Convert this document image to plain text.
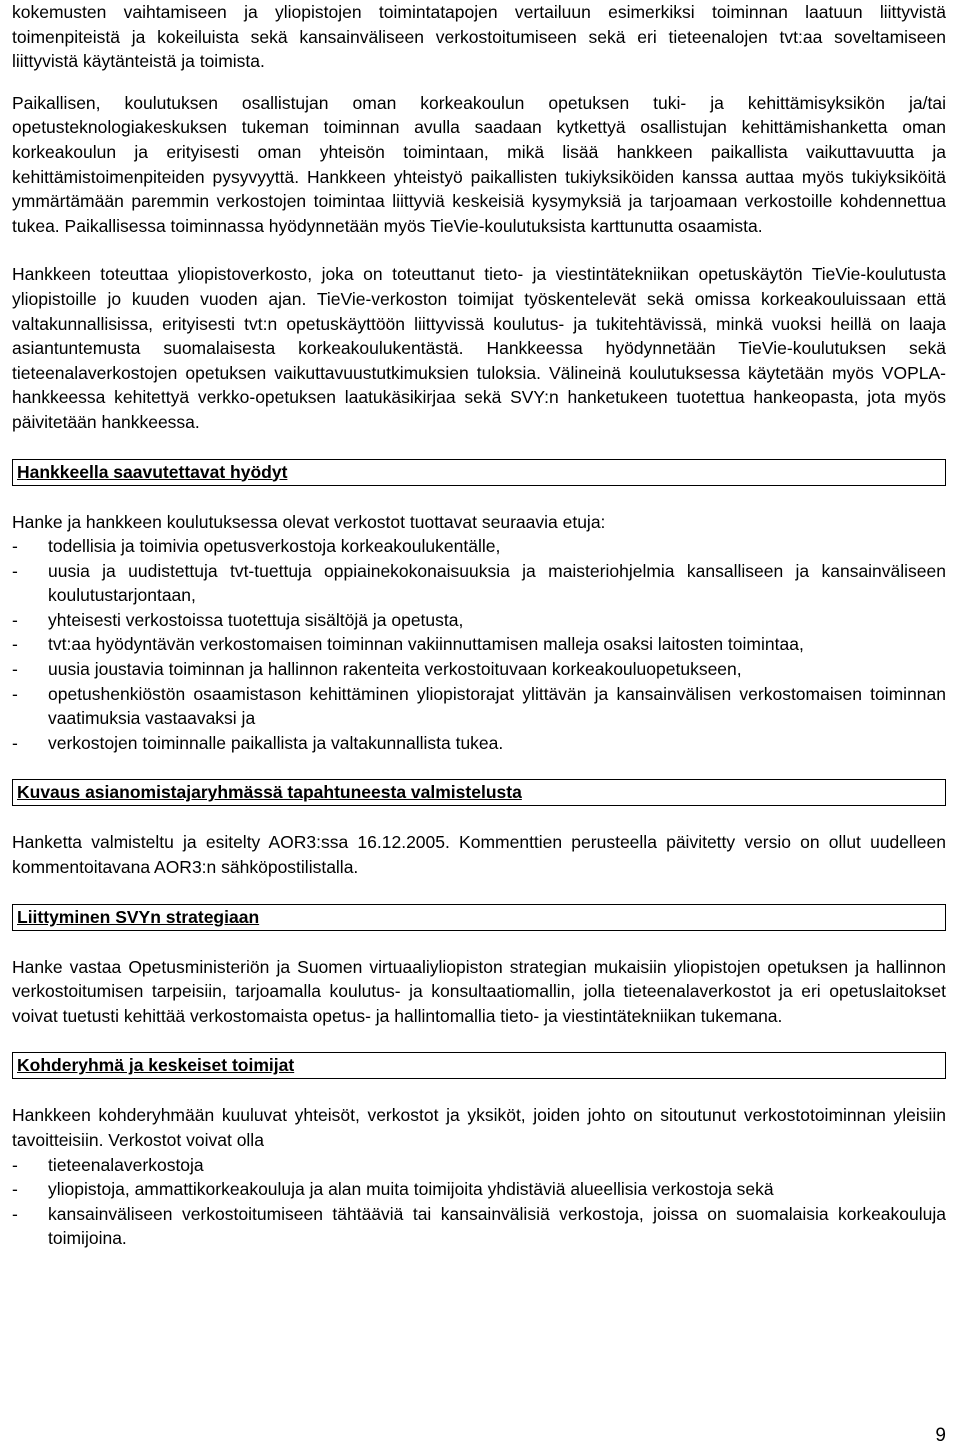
kokemusten vaihtamiseen ja yliopistojen toimintatapojen vertailuun esimerkiksi toiminnan laatuun liittyvistä toimenpiteistä ja kokeiluista sekä kansainväliseen verkostoitumiseen sekä eri tieteenalojen tvt:aa soveltamiseen liittyvistä käytänteistä ja toimista.

Paikallisen, koulutuksen osallistujan oman korkeakoulun opetuksen tuki- ja kehittämisyksikön ja/tai opetusteknologiakeskuksen tukeman toiminnan avulla saadaan kytkettyä osallistujan kehittämishanketta oman korkeakoulun ja erityisesti oman yhteisön toimintaan, mikä lisää hankkeen paikallista vaikuttavuutta ja kehittämistoimenpiteiden pysyvyyttä. Hankkeen yhteistyö paikallisten tukiyksiköiden kanssa auttaa myös tukiyksiköitä ymmärtämään paremmin verkostojen toimintaa liittyviä keskeisiä kysymyksiä ja tarjoamaan verkostoille kohdennettua tukea. Paikallisessa toiminnassa hyödynnetään myös TieVie-koulutuksista karttunutta osaamista.

Hankkeen toteuttaa yliopistoverkosto, joka on toteuttanut tieto- ja viestintätekniikan opetuskäytön TieVie-koulutusta yliopistoille jo kuuden vuoden ajan. TieVie-verkoston toimijat työskentelevät sekä omissa korkeakouluissaan että valtakunnallisissa, erityisesti tvt:n opetuskäyttöön liittyvissä koulutus- ja tukitehtävissä, minkä vuoksi heillä on laaja asiantuntemusta suomalaisesta korkeakoulukentästä. Hankkeessa hyödynnetään TieVie-koulutuksen sekä tieteenalaverkostojen opetuksen vaikuttavuustutkimuksien tuloksia. Välineinä koulutuksessa käytetään myös VOPLA-hankkeessa kehitettyä verkko-opetuksen laatukäsikirjaa sekä SVY:n hanketukeen tuotettua hankeopasta, jota myös päivitetään hankkeessa.

Hankkeella saavutettavat hyödyt

Hanke ja hankkeen koulutuksessa olevat verkostot tuottavat seuraavia etuja:

- todellisia ja toimivia opetusverkostoja korkeakoulukentälle,
- uusia ja uudistettuja tvt-tuettuja oppiainekokonaisuuksia ja maisteriohjelmia kansalliseen ja kansainväliseen koulutustarjontaan,
- yhteisesti verkostoissa tuotettuja sisältöjä ja opetusta,
- tvt:aa hyödyntävän verkostomaisen toiminnan vakiinnuttamisen malleja osaksi laitosten toimintaa,
- uusia joustavia toiminnan ja hallinnon rakenteita verkostoituvaan korkeakouluopetukseen,
- opetushenkiöstön osaamistason kehittäminen yliopistorajat ylittävän ja kansainvälisen verkostomaisen toiminnan vaatimuksia vastaavaksi ja
- verkostojen toiminnalle paikallista ja valtakunnallista tukea.
Kuvaus asianomistajaryhmässä tapahtuneesta valmistelusta

Hanketta valmisteltu ja esitelty AOR3:ssa 16.12.2005. Kommenttien perusteella päivitetty versio on ollut uudelleen kommentoitavana AOR3:n sähköpostilistalla.

Liittyminen SVYn strategiaan

Hanke vastaa Opetusministeriön ja Suomen virtuaaliyliopiston strategian mukaisiin yliopistojen opetuksen ja hallinnon verkostoitumisen tarpeisiin, tarjoamalla koulutus- ja konsultaatiomallin, jolla tieteenalaverkostot ja eri opetuslaitokset voivat tuetusti kehittää verkostomaista opetus- ja hallintomallia tieto- ja viestintätekniikan tukemana.

Kohderyhmä ja keskeiset toimijat

Hankkeen kohderyhmään kuuluvat yhteisöt, verkostot ja yksiköt, joiden johto on sitoutunut verkostotoiminnan yleisiin tavoitteisiin. Verkostot voivat olla

- tieteenalaverkostoja
- yliopistoja, ammattikorkeakouluja ja alan muita toimijoita yhdistäviä alueellisia verkostoja sekä
- kansainväliseen verkostoitumiseen tähtääviä tai kansainvälisiä verkostoja, joissa on suomalaisia korkeakouluja toimijoina.
9
